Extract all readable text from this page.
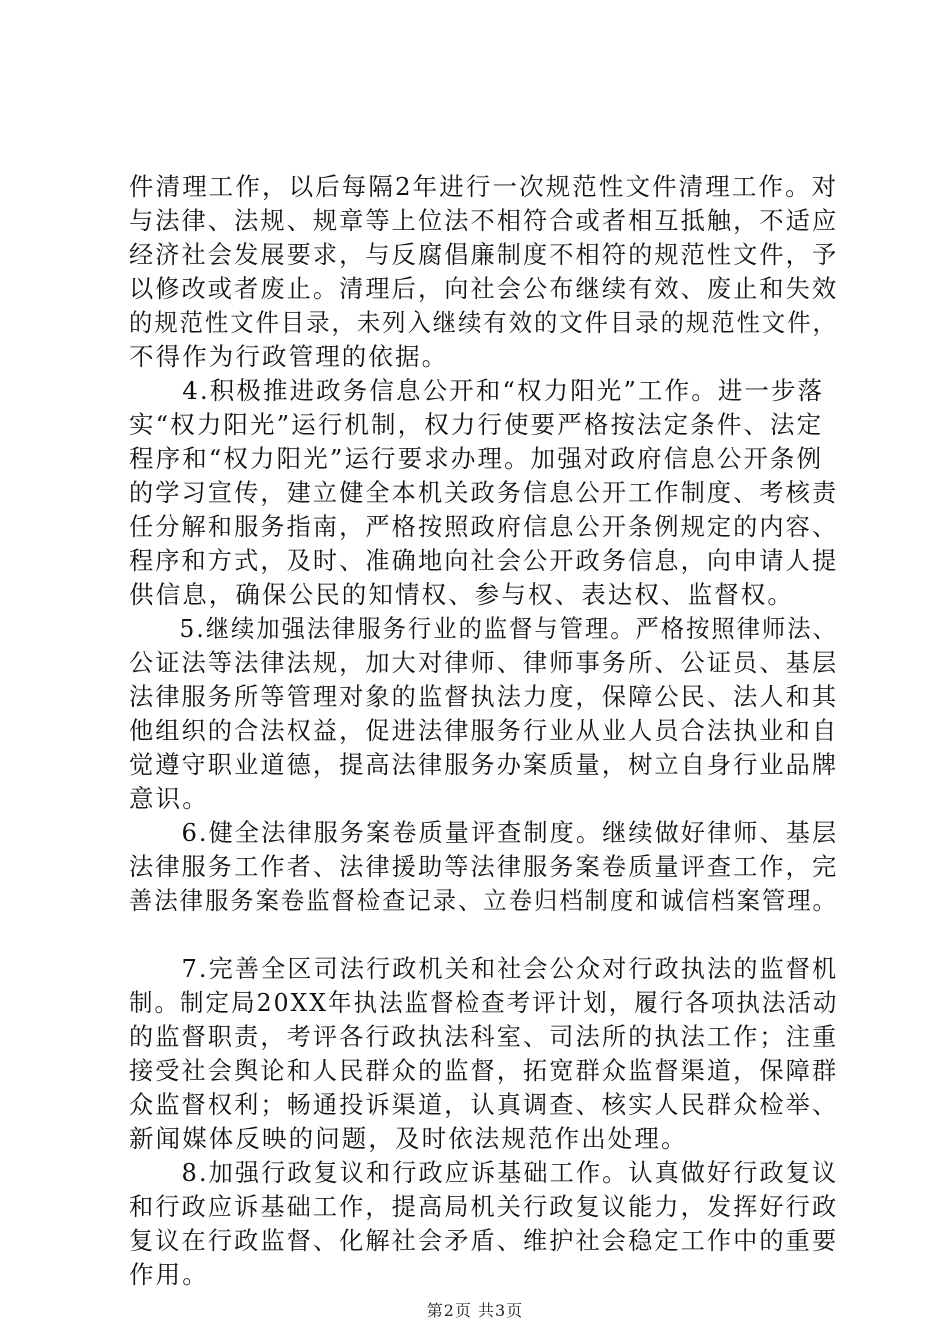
件清理工作，以后每隔2年进行一次规范性文件清理工作。对
与法律、法规、规章等上位法不相符合或者相互抵触，不适应
经济社会发展要求，与反腐倡廉制度不相符的规范性文件，予
以修改或者废止。清理后，向社会公布继续有效、废止和失效
的规范性文件目录，未列入继续有效的文件目录的规范性文件，
不得作为行政管理的依据。
　　4.积极推进政务信息公开和“权力阳光”工作。进一步落
实“权力阳光”运行机制，权力行使要严格按法定条件、法定
程序和“权力阳光”运行要求办理。加强对政府信息公开条例
的学习宣传，建立健全本机关政务信息公开工作制度、考核责
任分解和服务指南，严格按照政府信息公开条例规定的内容、
程序和方式，及时、准确地向社会公开政务信息，向申请人提
供信息，确保公民的知情权、参与权、表达权、监督权。
　　5.继续加强法律服务行业的监督与管理。严格按照律师法、
公证法等法律法规，加大对律师、律师事务所、公证员、基层
法律服务所等管理对象的监督执法力度，保障公民、法人和其
他组织的合法权益，促进法律服务行业从业人员合法执业和自
觉遵守职业道德，提高法律服务办案质量，树立自身行业品牌
意识。
　　6.健全法律服务案卷质量评查制度。继续做好律师、基层
法律服务工作者、法律援助等法律服务案卷质量评查工作，完
善法律服务案卷监督检查记录、立卷归档制度和诚信档案管理。
　　7.完善全区司法行政机关和社会公众对行政执法的监督机
制。制定局20XX年执法监督检查考评计划，履行各项执法活动
的监督职责，考评各行政执法科室、司法所的执法工作；注重
接受社会舆论和人民群众的监督，拓宽群众监督渠道，保障群
众监督权利；畅通投诉渠道，认真调查、核实人民群众检举、
新闻媒体反映的问题，及时依法规范作出处理。
　　8.加强行政复议和行政应诉基础工作。认真做好行政复议
和行政应诉基础工作，提高局机关行政复议能力，发挥好行政
复议在行政监督、化解社会矛盾、维护社会稳定工作中的重要
作用。
第2页 共3页
